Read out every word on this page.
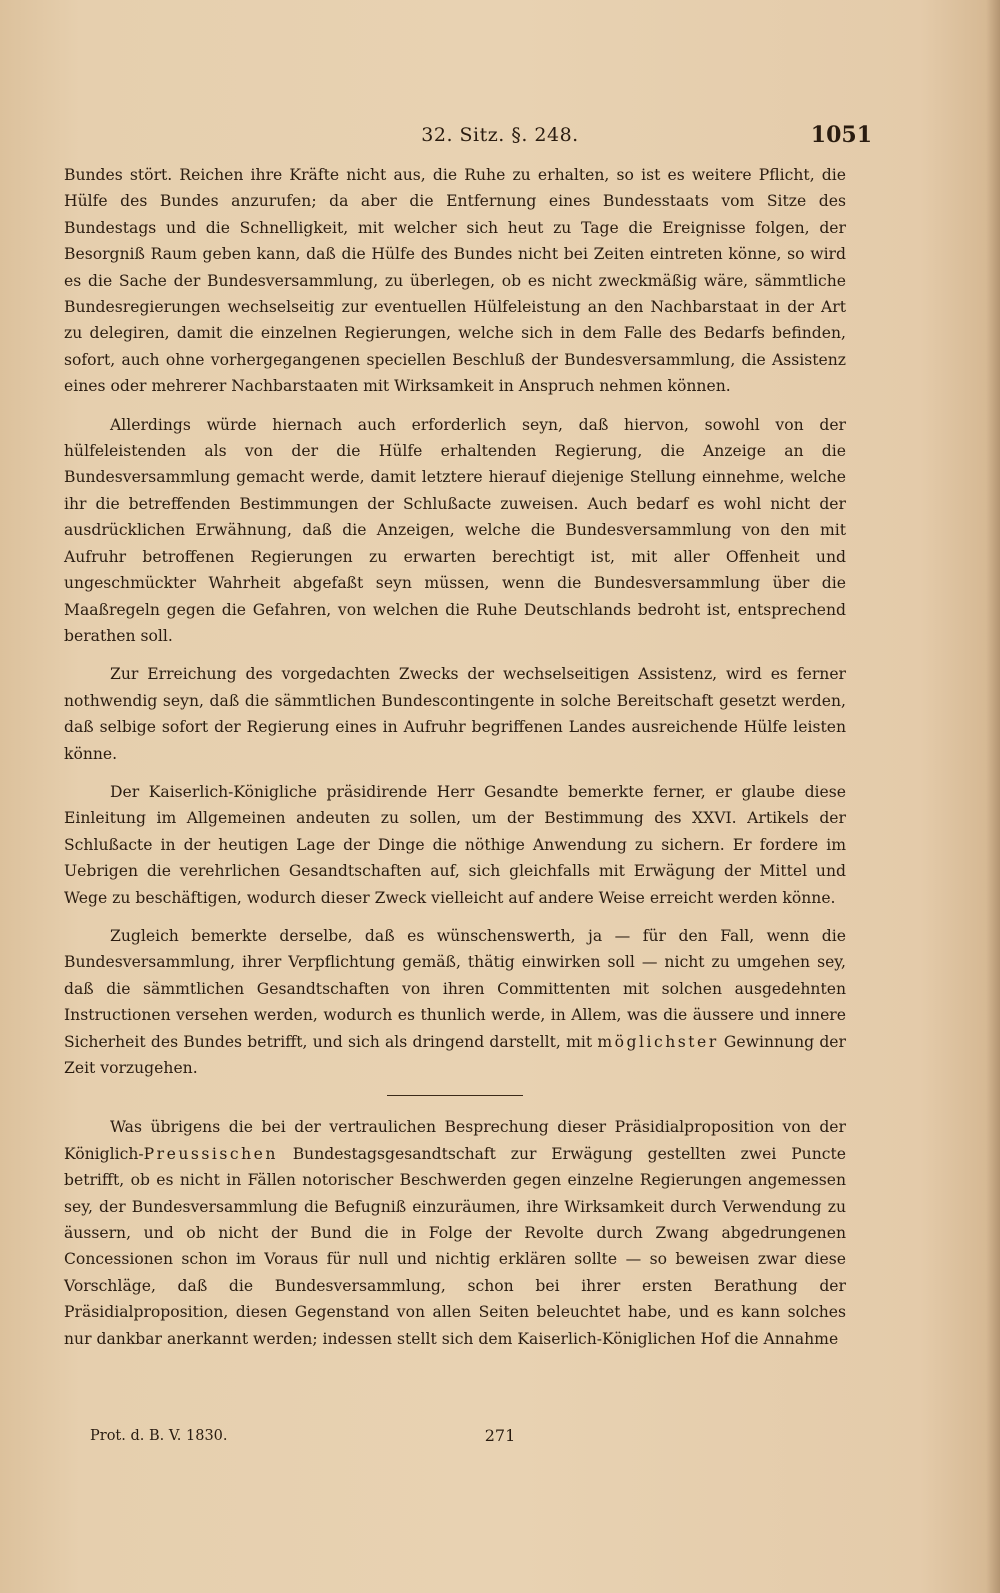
32. Sitz. §. 248.	1051

Bundes stört. Reichen ihre Kräfte nicht aus, die Ruhe zu erhalten, so ist es weitere Pflicht, die Hülfe des Bundes anzurufen; da aber die Entfernung eines Bundesstaats vom Sitze des Bundestags und die Schnelligkeit, mit welcher sich heut zu Tage die Ereignisse folgen, der Besorgniß Raum geben kann, daß die Hülfe des Bundes nicht bei Zeiten eintreten könne, so wird es die Sache der Bundesversammlung, zu überlegen, ob es nicht zweckmäßig wäre, sämmtliche Bundesregierungen wechselseitig zur eventuellen Hülfeleistung an den Nachbarstaat in der Art zu delegiren, damit die einzelnen Regierungen, welche sich in dem Falle des Bedarfs befinden, sofort, auch ohne vorhergegangenen speciellen Beschluß der Bundesversammlung, die Assistenz eines oder mehrerer Nachbarstaaten mit Wirksamkeit in Anspruch nehmen können.

Allerdings würde hiernach auch erforderlich seyn, daß hiervon, sowohl von der hülfeleistenden als von der die Hülfe erhaltenden Regierung, die Anzeige an die Bundesversammlung gemacht werde, damit letztere hierauf diejenige Stellung einnehme, welche ihr die betreffenden Bestimmungen der Schlußacte zuweisen. Auch bedarf es wohl nicht der ausdrücklichen Erwähnung, daß die Anzeigen, welche die Bundesversammlung von den mit Aufruhr betroffenen Regierungen zu erwarten berechtigt ist, mit aller Offenheit und ungeschmückter Wahrheit abgefaßt seyn müssen, wenn die Bundesversammlung über die Maaßregeln gegen die Gefahren, von welchen die Ruhe Deutschlands bedroht ist, entsprechend berathen soll.

Zur Erreichung des vorgedachten Zwecks der wechselseitigen Assistenz, wird es ferner nothwendig seyn, daß die sämmtlichen Bundescontingente in solche Bereitschaft gesetzt werden, daß selbige sofort der Regierung eines in Aufruhr begriffenen Landes ausreichende Hülfe leisten könne.

Der Kaiserlich-Königliche präsidirende Herr Gesandte bemerkte ferner, er glaube diese Einleitung im Allgemeinen andeuten zu sollen, um der Bestimmung des XXVI. Artikels der Schlußacte in der heutigen Lage der Dinge die nöthige Anwendung zu sichern. Er fordere im Uebrigen die verehrlichen Gesandtschaften auf, sich gleichfalls mit Erwägung der Mittel und Wege zu beschäftigen, wodurch dieser Zweck vielleicht auf andere Weise erreicht werden könne.

Zugleich bemerkte derselbe, daß es wünschenswerth, ja — für den Fall, wenn die Bundesversammlung, ihrer Verpflichtung gemäß, thätig einwirken soll — nicht zu umgehen sey, daß die sämmtlichen Gesandtschaften von ihren Committenten mit solchen ausgedehnten Instructionen versehen werden, wodurch es thunlich werde, in Allem, was die äussere und innere Sicherheit des Bundes betrifft, und sich als dringend darstellt, mit möglichster Gewinnung der Zeit vorzugehen.

Was übrigens die bei der vertraulichen Besprechung dieser Präsidialproposition von der Königlich-Preussischen Bundestagsgesandtschaft zur Erwägung gestellten zwei Puncte betrifft, ob es nicht in Fällen notorischer Beschwerden gegen einzelne Regierungen angemessen sey, der Bundesversammlung die Befugniß einzuräumen, ihre Wirksamkeit durch Verwendung zu äussern, und ob nicht der Bund die in Folge der Revolte durch Zwang abgedrungenen Concessionen schon im Voraus für null und nichtig erklären sollte — so beweisen zwar diese Vorschläge, daß die Bundesversammlung, schon bei ihrer ersten Berathung der Präsidialproposition, diesen Gegenstand von allen Seiten beleuchtet habe, und es kann solches nur dankbar anerkannt werden; indessen stellt sich dem Kaiserlich-Königlichen Hof die Annahme

Prot. d. B. V. 1830.	271
